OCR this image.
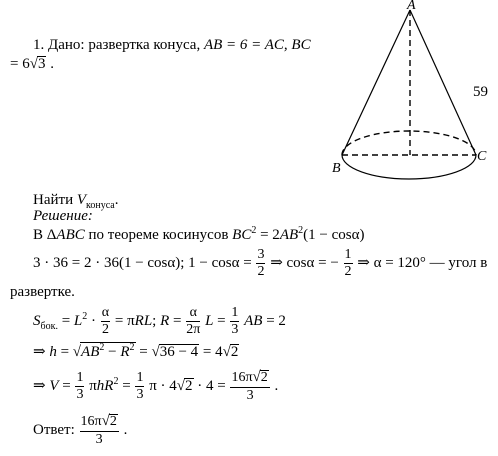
1. Дано: развертка конуса, AB = 6 = AC, BC
= 6√3 .
59
A
B
C
Найти $V_{конуса}$.
Решение:
В ΔABC по теореме косинусов $BC^2 = 2AB^2(1 - \cos\alpha)$
3 · 36 = 2 · 36(1 − cosα); $1 - \cos\alpha = \frac{3}{2}$ ⇒ cosα = − $\frac{1}{2}$ ⇒ α = 120° — угол в
развертке.
$S_{бок.} = L^2 \cdot \frac{\alpha}{2} = \pi RL$; $R = \frac{\alpha}{2\pi}$ $L = \frac{1}{3}$ AB = 2
⇒ $h = √AB^2 - R^2 = √36 - 4 = 4√2$
⇒ $V = \frac{1}{3} \pi hR^2 = \frac{1}{3}$ $\pi \cdot 4√2 \cdot 4 = \frac{16\pi√2}{3}$ .
Ответ: $\frac{16\pi√2}{3}$ .
